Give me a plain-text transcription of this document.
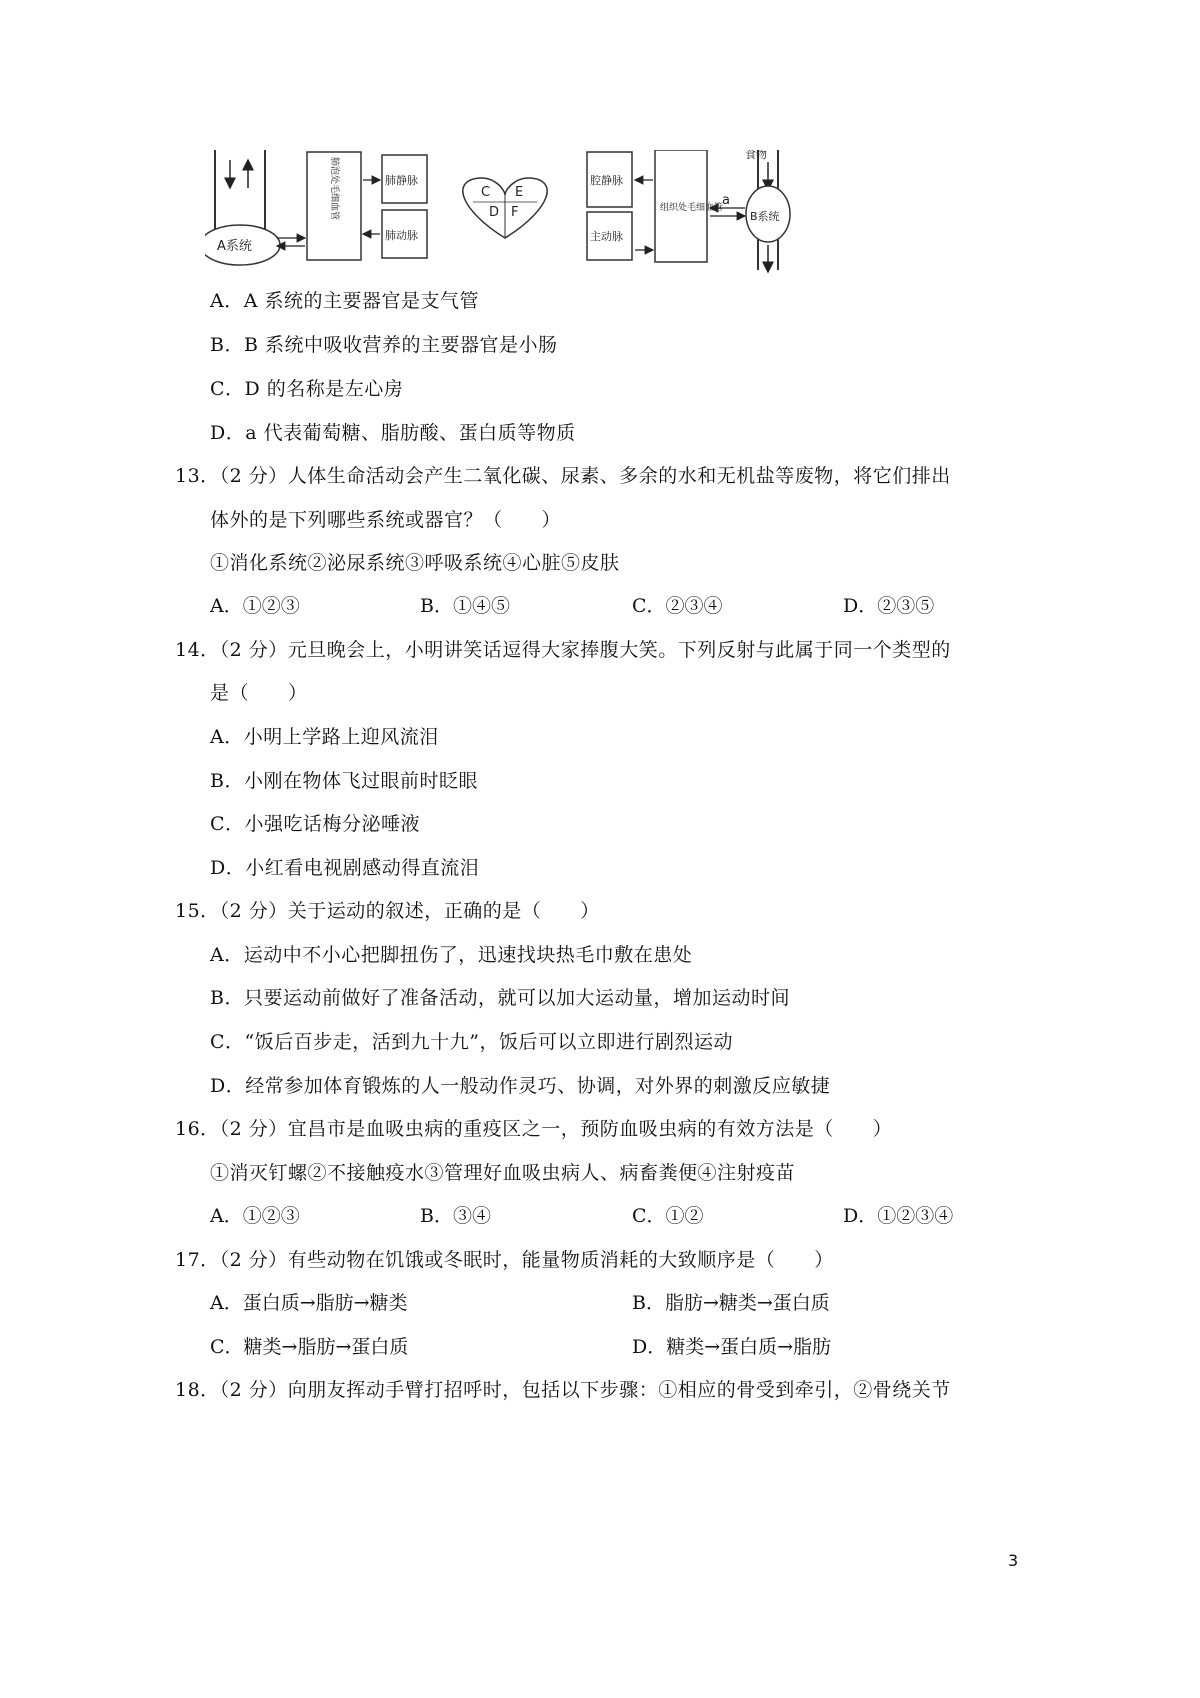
A系统
肺泡处毛细血管	肺静脉
肺动脉
C E
D F
腔静脉
主动脉
组织处毛细血管
a
食物
B系统
A．A 系统的主要器官是支气管
B．B 系统中吸收营养的主要器官是小肠
C．D 的名称是左心房
D．a 代表葡萄糖、脂肪酸、蛋白质等物质
13．（2 分）人体生命活动会产生二氧化碳、尿素、多余的水和无机盐等废物，将它们排出
体外的是下列哪些系统或器官？（　　）
①消化系统②泌尿系统③呼吸系统④心脏⑤皮肤
A．①②③	B．①④⑤	C．②③④	D．②③⑤
14．（2 分）元旦晚会上，小明讲笑话逗得大家捧腹大笑。下列反射与此属于同一个类型的
是（　　）
A．小明上学路上迎风流泪
B．小刚在物体飞过眼前时眨眼
C．小强吃话梅分泌唾液
D．小红看电视剧感动得直流泪
15．（2 分）关于运动的叙述，正确的是（　　）
A．运动中不小心把脚扭伤了，迅速找块热毛巾敷在患处
B．只要运动前做好了准备活动，就可以加大运动量，增加运动时间
C．“饭后百步走，活到九十九”，饭后可以立即进行剧烈运动
D．经常参加体育锻炼的人一般动作灵巧、协调，对外界的刺激反应敏捷
16．（2 分）宜昌市是血吸虫病的重疫区之一，预防血吸虫病的有效方法是（　　）
①消灭钉螺②不接触疫水③管理好血吸虫病人、病畜粪便④注射疫苗
A．①②③	B．③④	C．①②	D．①②③④
17．（2 分）有些动物在饥饿或冬眠时，能量物质消耗的大致顺序是（　　）
A．蛋白质→脂肪→糖类	B．脂肪→糖类→蛋白质
C．糖类→脂肪→蛋白质	D．糖类→蛋白质→脂肪
18．（2 分）向朋友挥动手臂打招呼时，包括以下步骤：①相应的骨受到牵引，②骨绕关节
3
